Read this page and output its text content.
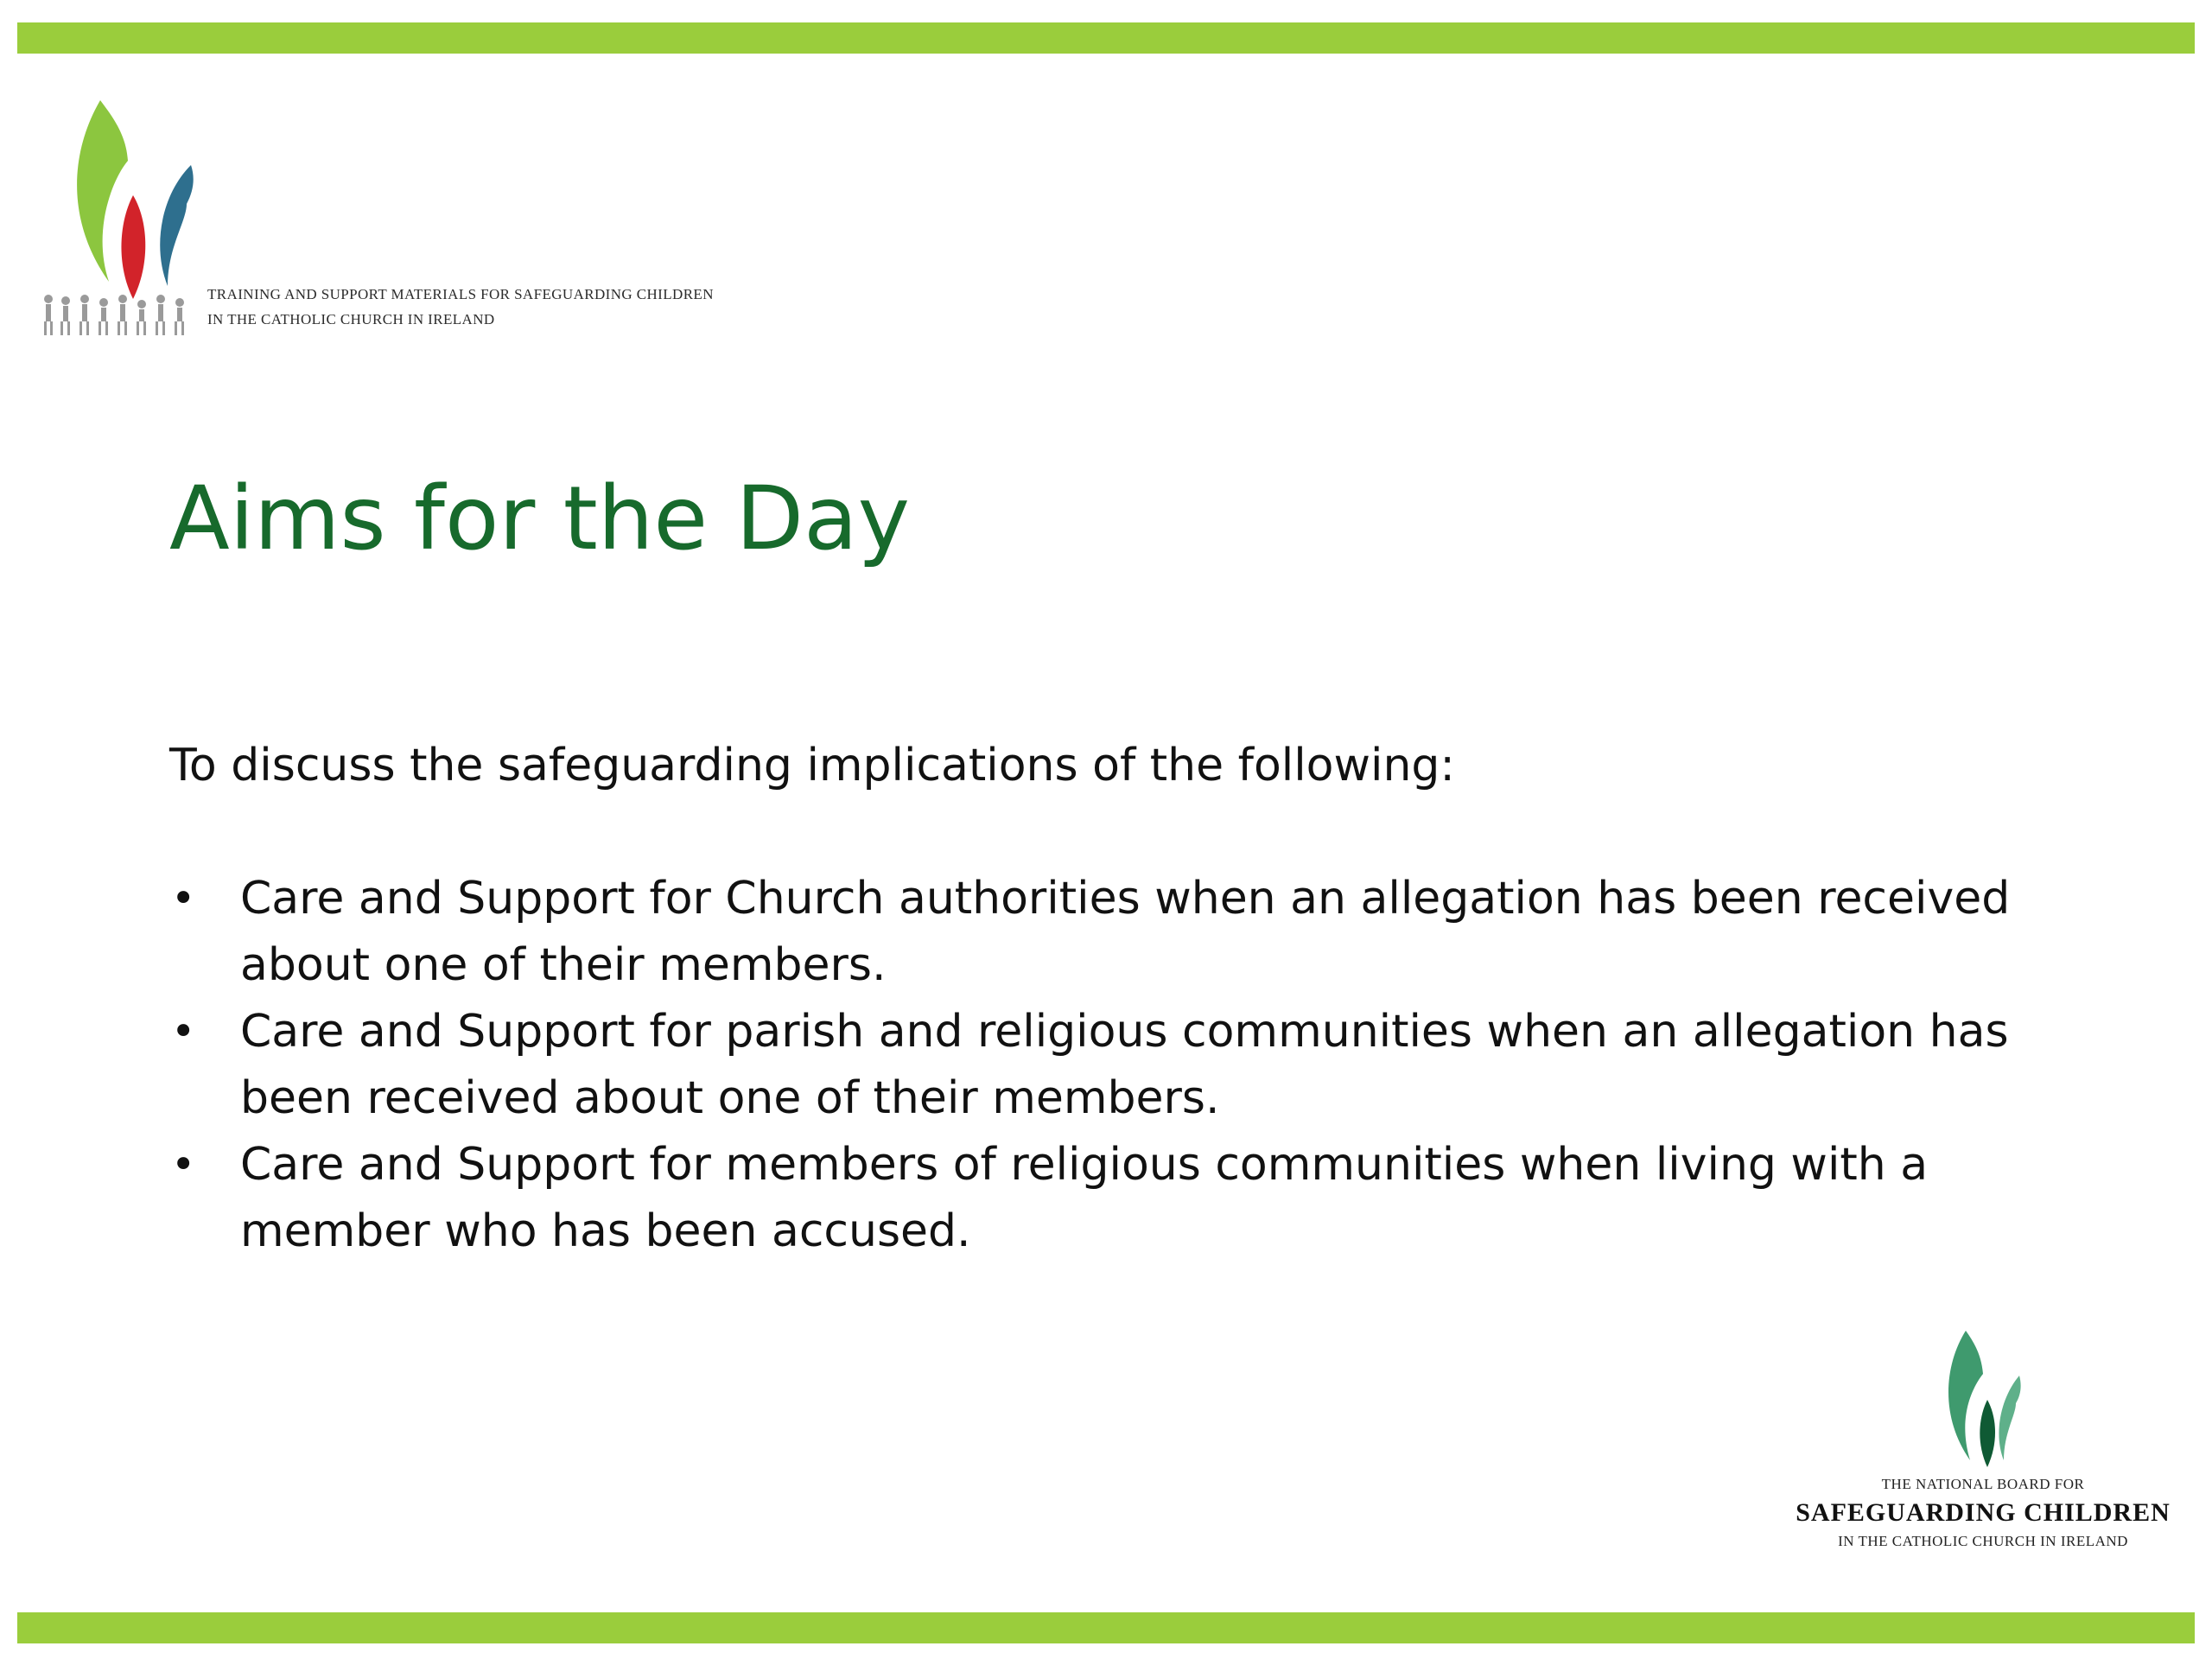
TRAINING AND SUPPORT MATERIALS FOR SAFEGUARDING CHILDREN
IN THE CATHOLIC CHURCH IN IRELAND
Aims for the Day

To discuss the safeguarding implications of the following:

• Care and Support for Church authorities when an allegation has been received
about one of their members.
• Care and Support for parish and religious communities when an allegation has
been received about one of their members.
• Care and Support for members of religious communities when living with a
member who has been accused.
THE NATIONAL BOARD FOR
SAFEGUARDING CHILDREN
IN THE CATHOLIC CHURCH IN IRELAND
